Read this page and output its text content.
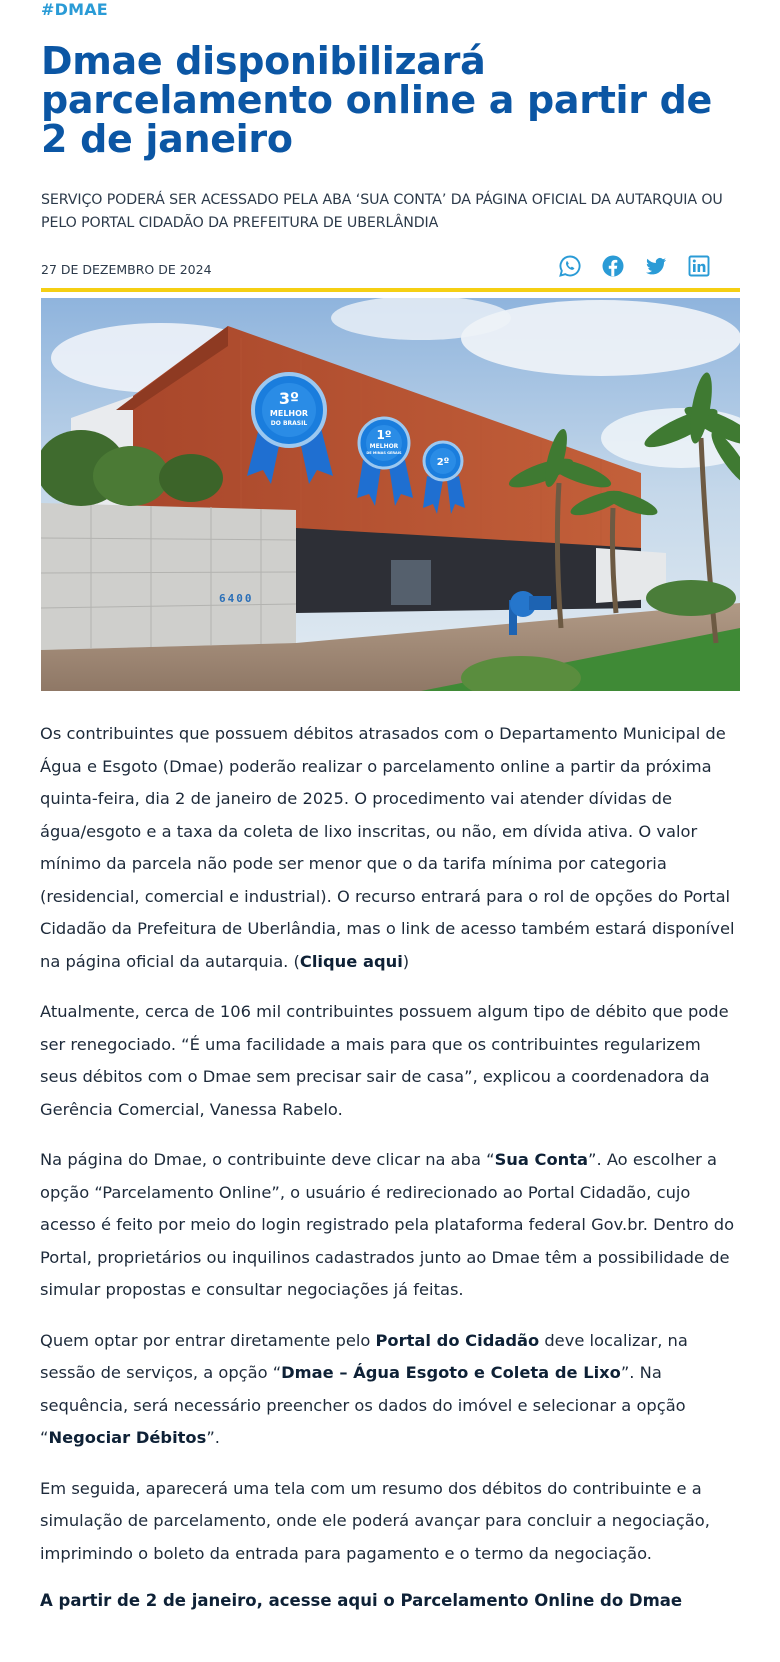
#DMAE
Dmae disponibilizará parcelamento online a partir de 2 de janeiro

SERVIÇO PODERÁ SER ACESSADO PELA ABA ‘SUA CONTA’ DA PÁGINA OFICIAL DA AUTARQUIA OU PELO PORTAL CIDADÃO DA PREFEITURA DE UBERLÂNDIA

27 DE DEZEMBRO DE 2024
3º
MELHOR
DO BRASIL
1º
MELHOR
DE MINAS GERAIS
2º
6400

Os contribuintes que possuem débitos atrasados com o Departamento Municipal de Água e Esgoto (Dmae) poderão realizar o parcelamento online a partir da próxima quinta-feira, dia 2 de janeiro de 2025. O procedimento vai atender dívidas de água/esgoto e a taxa da coleta de lixo inscritas, ou não, em dívida ativa. O valor mínimo da parcela não pode ser menor que o da tarifa mínima por categoria (residencial, comercial e industrial). O recurso entrará para o rol de opções do Portal Cidadão da Prefeitura de Uberlândia, mas o link de acesso também estará disponível na página oficial da autarquia. (Clique aqui)

Atualmente, cerca de 106 mil contribuintes possuem algum tipo de débito que pode ser renegociado. “É uma facilidade a mais para que os contribuintes regularizem seus débitos com o Dmae sem precisar sair de casa”, explicou a coordenadora da Gerência Comercial, Vanessa Rabelo.

Na página do Dmae, o contribuinte deve clicar na aba “Sua Conta”. Ao escolher a opção “Parcelamento Online”, o usuário é redirecionado ao Portal Cidadão, cujo acesso é feito por meio do login registrado pela plataforma federal Gov.br. Dentro do Portal, proprietários ou inquilinos cadastrados junto ao Dmae têm a possibilidade de simular propostas e consultar negociações já feitas.

Quem optar por entrar diretamente pelo Portal do Cidadão deve localizar, na sessão de serviços, a opção “Dmae – Água Esgoto e Coleta de Lixo”. Na sequência, será necessário preencher os dados do imóvel e selecionar a opção “Negociar Débitos”.

Em seguida, aparecerá uma tela com um resumo dos débitos do contribuinte e a simulação de parcelamento, onde ele poderá avançar para concluir a negociação, imprimindo o boleto da entrada para pagamento e o termo da negociação.

A partir de 2 de janeiro, acesse aqui o Parcelamento Online do Dmae
